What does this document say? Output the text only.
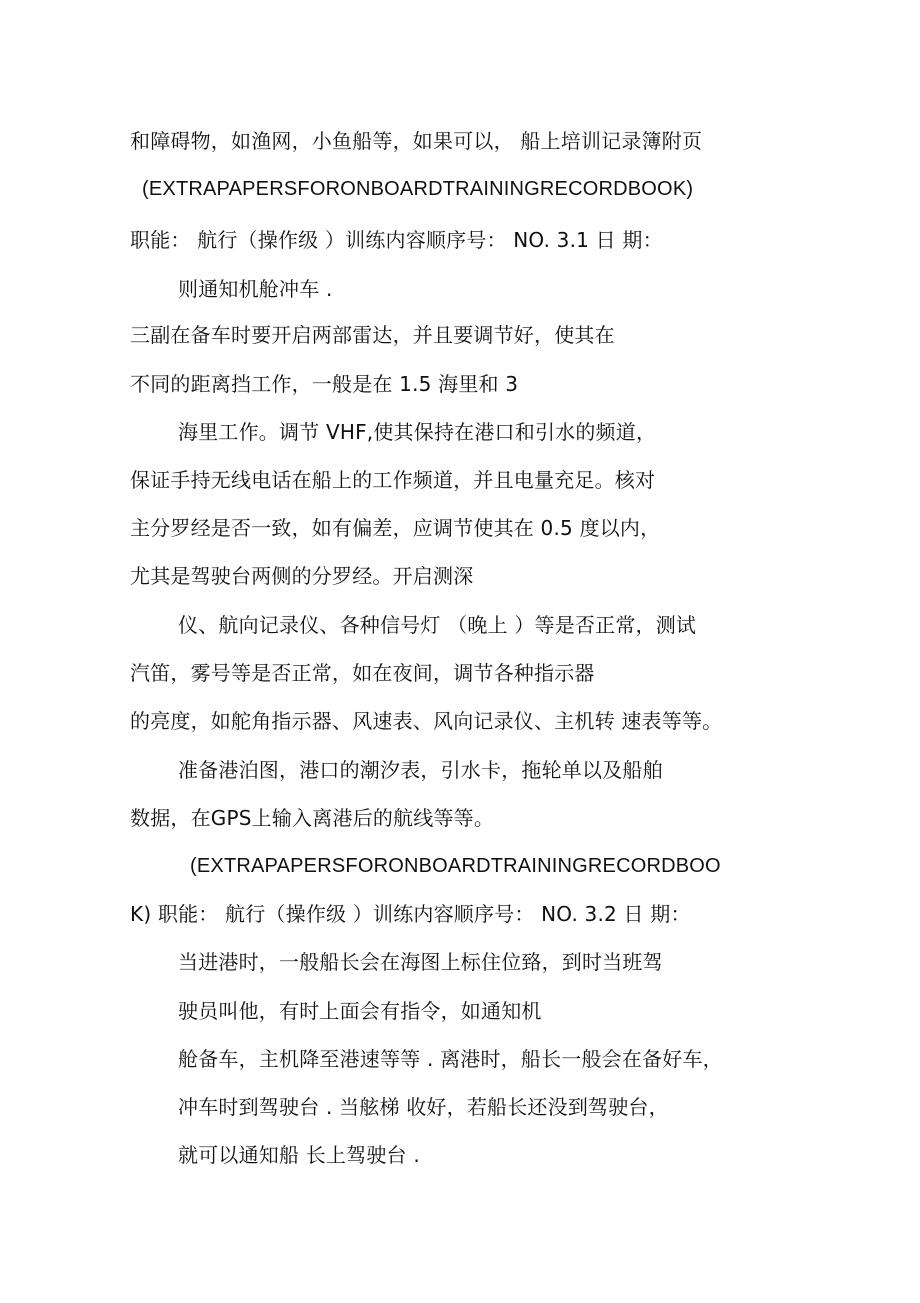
和障碍物，如渔网，小鱼船等，如果可以， 船上培训记录簿附页
(EXTRAPAPERSFORONBOARDTRAININGRECORDBOOK)
职能： 航行（操作级 ）训练内容顺序号： NO. 3.1 日 期：
则通知机舱冲车 .
三副在备车时要开启两部雷达，并且要调节好，使其在
不同的距离挡工作，一般是在 1.5 海里和 3
海里工作。调节 VHF,使其保持在港口和引水的频道，
保证手持无线电话在船上的工作频道，并且电量充足。核对
主分罗经是否一致，如有偏差，应调节使其在 0.5 度以内，
尤其是驾驶台两侧的分罗经。开启测深
仪、航向记录仪、各种信号灯 （晚上 ）等是否正常，测试
汽笛，雾号等是否正常，如在夜间，调节各种指示器
的亮度，如舵角指示器、风速表、风向记录仪、主机转 速表等等。
准备港泊图，港口的潮汐表，引水卡，拖轮单以及船舶
数据，在GPS上输入离港后的航线等等。
(EXTRAPAPERSFORONBOARDTRAININGRECORDBOO
K) 职能： 航行（操作级 ）训练内容顺序号： NO. 3.2 日 期：
当进港时，一般船长会在海图上标住位臵，到时当班驾
驶员叫他，有时上面会有指令，如通知机
舱备车，主机降至港速等等 . 离港时，船长一般会在备好车，
冲车时到驾驶台 . 当舷梯 收好，若船长还没到驾驶台，
就可以通知船 长上驾驶台 .
